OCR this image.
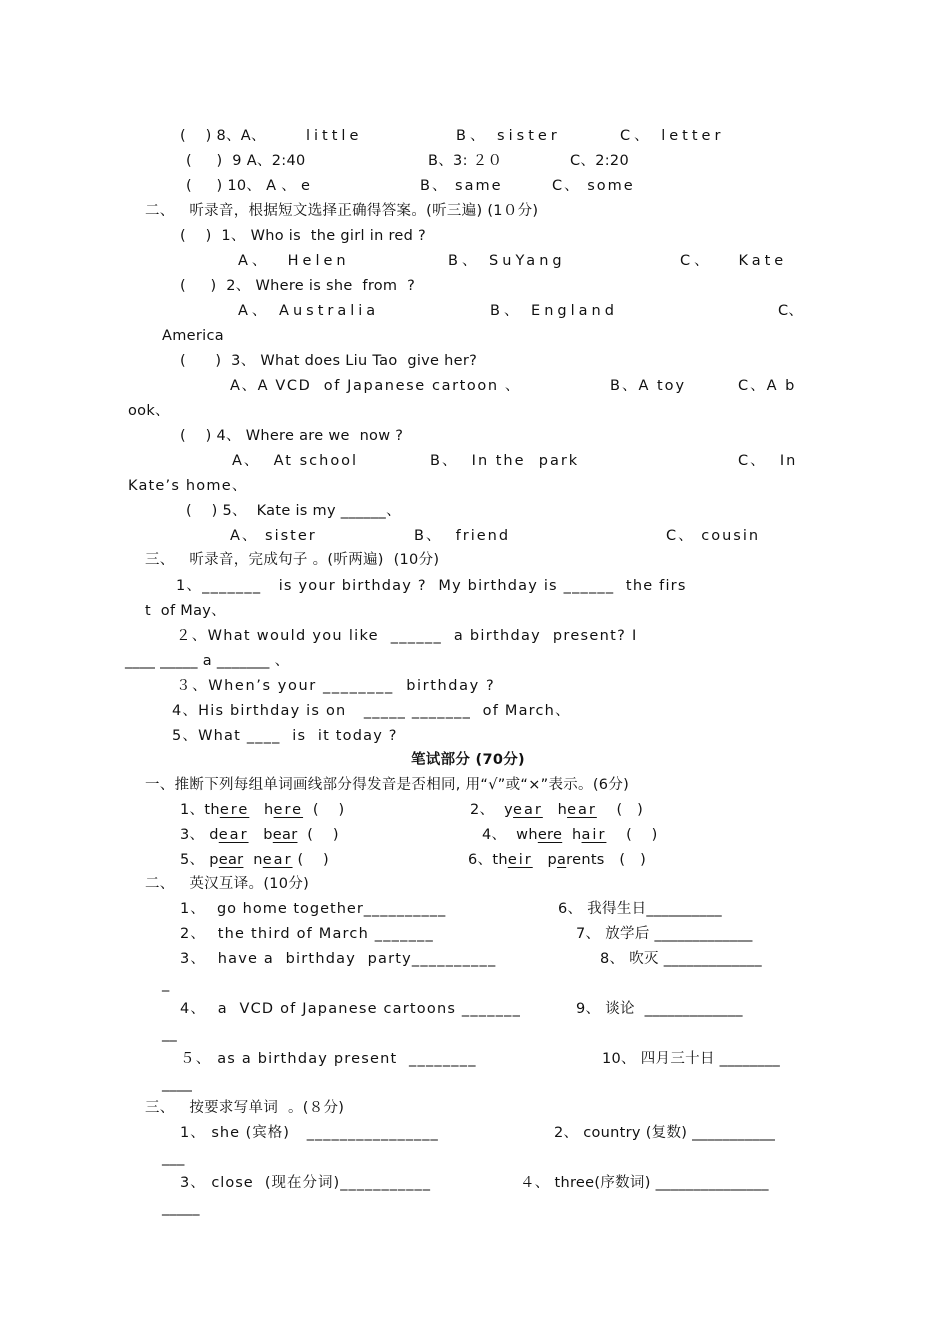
(    ) 8、A、	little	B、 sister	C、 letter
(     )  9 A、2:40	B、3: ２０	C、2:20
(     ) 10、 A 、 e	B、 same	C、 some
二、   听录音，根据短文选择正确得答案。(听三遍) (1０分)
(    )  1、 Who is  the girl in red ?
A、  Helen	B、 SuYang	C、   Kate
(     )  2、 Where is she  from  ?
A、 Australia	B、 England	C、
America
(      )  3、 What does Liu Tao  give her?
A、A VCD  of Japanese cartoon 、	B、A toy	C、A b
ook、
(    ) 4、 Where are we  now ?
A、  At school	B、  In the  park	C、  In
Kate’s home、
(    ) 5、  Kate is my ______、
A、 sister	B、  friend	C、 cousin
三、   听录音，完成句子 。(听两遍)  (10分)
1、_______   is your birthday ?  My birthday is ______  the firs
t  of May、
２、What would you like  ______  a birthday  present? I
____ _____ a _______ 、
３、When’s your ________  birthday ?
4、His birthday is on   _____ _______  of March、
5、What ____  is  it today ?
笔试部分 (70分)
一、推断下列每组单词画线部分得发音是否相同, 用“√”或“×”表示。(6分)
1、there here (    )	2、 year hear (   )
3、 dear bear (    )	4、 where hair (    )
5、 pear near (    )	6、their parents (   )
二、   英汉互译。(10分)
1、  go home together__________	6、 我得生日__________
2、  the third of March _______	7、 放学后 _____________
3、  have a  birthday  party__________	8、 吹灭 _____________
_
4、  a  VCD of Japanese cartoons _______	9、 谈论  _____________
__
５、 as a birthday present  ________	10、 四月三十日 ________
____
三、   按要求写单词  。(８分)
1、 she (宾格)   ________________	2、 country (复数) ___________
___
3、 close  (现在分词)___________	４、 three(序数词) _______________
_____
